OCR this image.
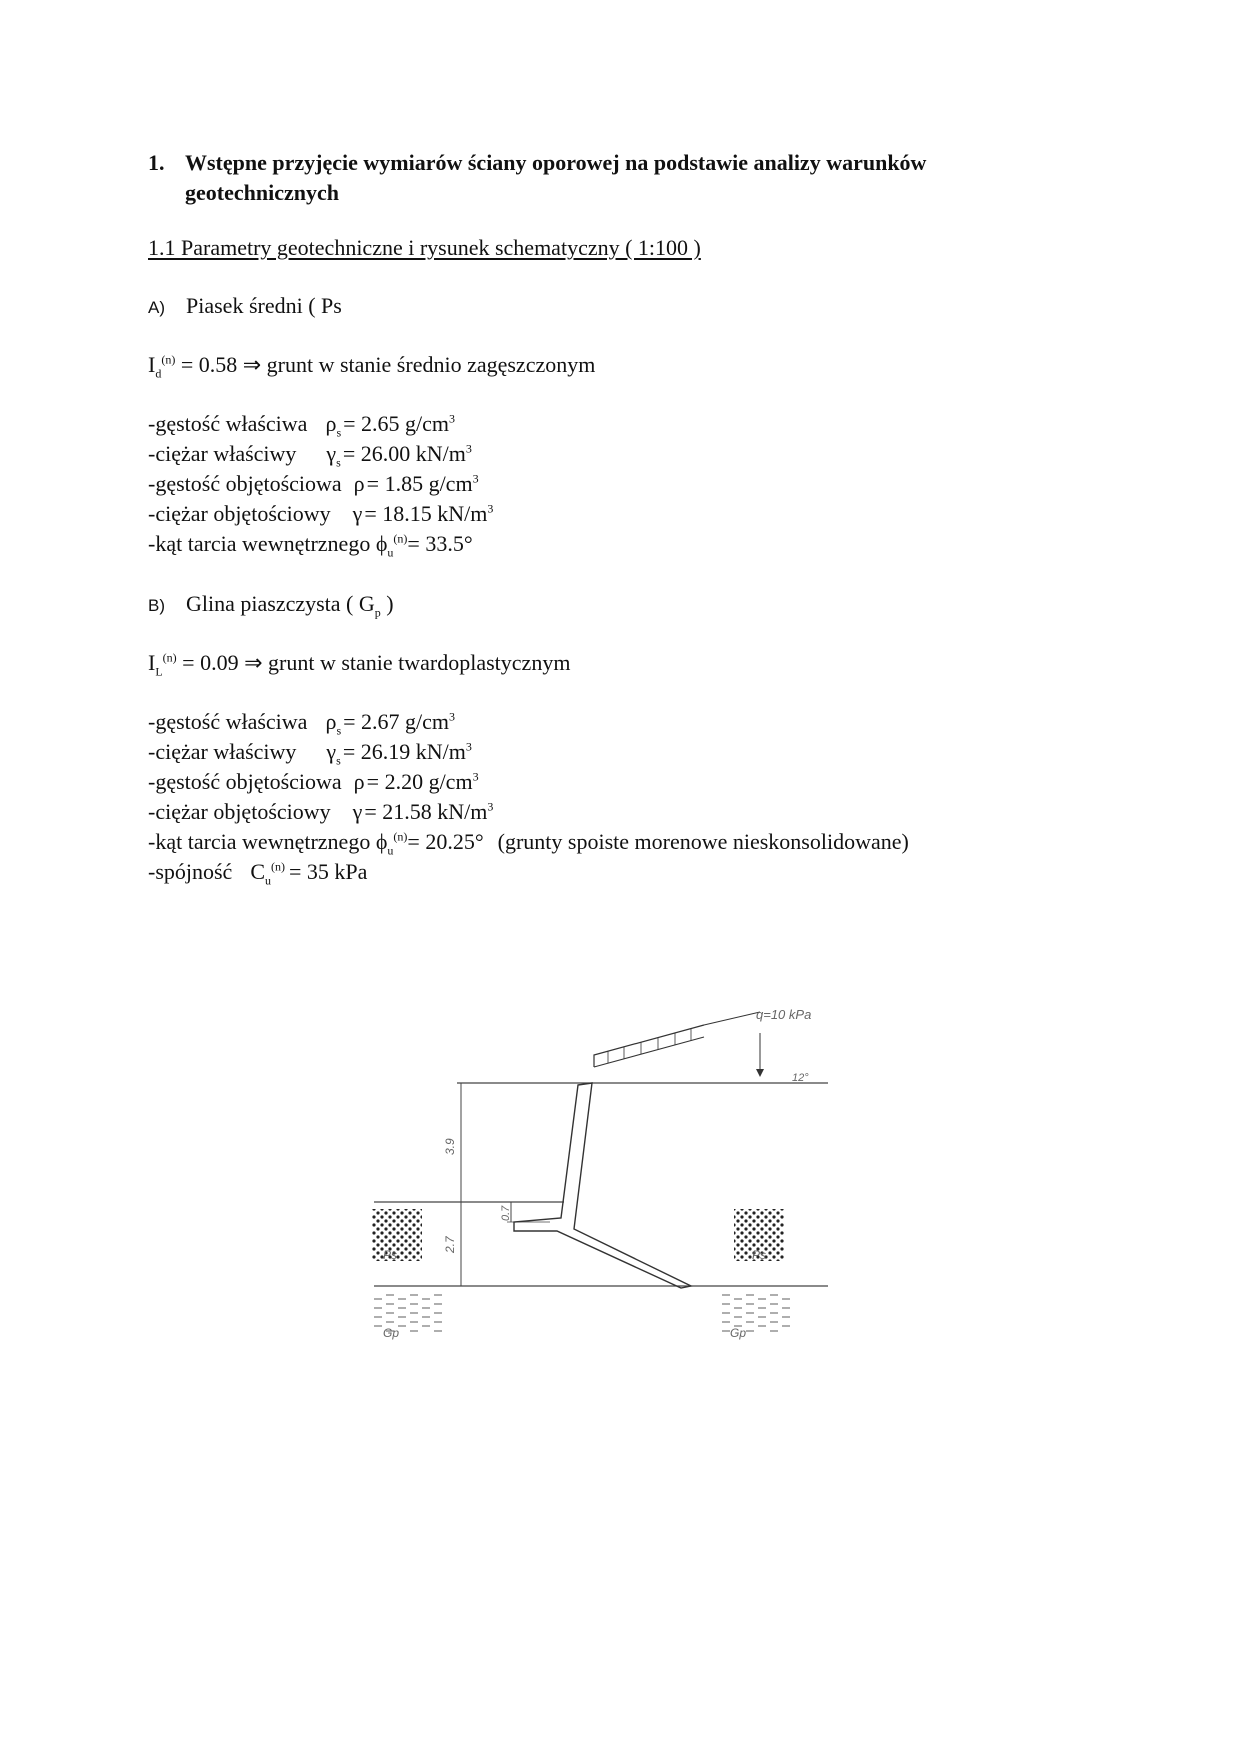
1. Wstępne przyjęcie wymiarów ściany oporowej na podstawie analizy warunków
geotechnicznych
1.1 Parametry geotechniczne i rysunek schematyczny ( 1:100 )
A) Piasek średni ( Ps
$I_d^{(n)} = 0.58$ ⇒ grunt w stanie średnio zagęszczonym
-gęstość właściwa $\rho_s= 2.65$ $g/cm^3$
-ciężar właściwy $\gamma_s= 26.00$ $kN/m^3$
-gęstość objętościowa ρ= 1.85 $g/cm^3$
-ciężar objętościowy γ= 18.15 $kN/m^3$
-kąt tarcia wewnętrznego $\phi_u^{(n)}= 33.5^\circ$
B) Glina piaszczysta ( $G_p$ )
$I_L^{(n)} = 0.09$ ⇒ grunt w stanie twardoplastycznym
-gęstość właściwa $\rho_s= 2.67$ $g/cm^3$
-ciężar właściwy $\gamma_s= 26.19$ $kN/m^3$
-gęstość objętościowa ρ= 2.20 $g/cm^3$
-ciężar objętościowy γ= 21.58 $kN/m^3$
-kąt tarcia wewnętrznego $\phi_u^{(n)}= 20.25^\circ$ (grunty spoiste morenowe nieskonsolidowane)
-spójność $C_u^{(n)} = 35$ kPa
q=10 kPa
12°
3.9
2.7
0.7
Ps	Ps
Gp	Gp
